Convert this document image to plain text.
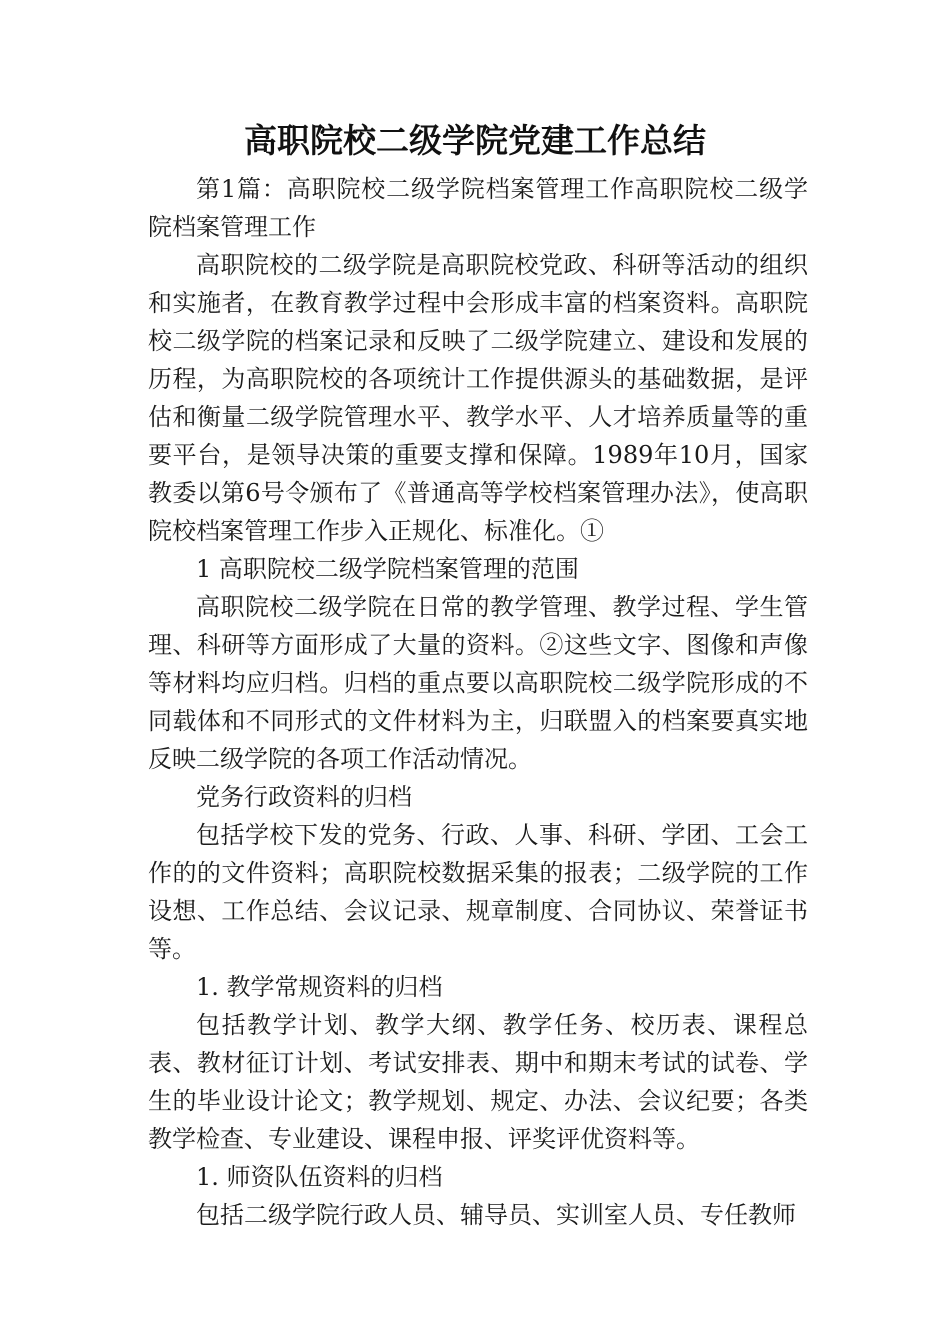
高职院校二级学院党建工作总结

第1篇：高职院校二级学院档案管理工作高职院校二级学院档案管理工作

高职院校的二级学院是高职院校党政、科研等活动的组织和实施者，在教育教学过程中会形成丰富的档案资料。高职院校二级学院的档案记录和反映了二级学院建立、建设和发展的历程，为高职院校的各项统计工作提供源头的基础数据，是评估和衡量二级学院管理水平、教学水平、人才培养质量等的重要平台，是领导决策的重要支撑和保障。1989年10月，国家教委以第6号令颁布了《普通高等学校档案管理办法》，使高职院校档案管理工作步入正规化、标准化。①

1 高职院校二级学院档案管理的范围

高职院校二级学院在日常的教学管理、教学过程、学生管理、科研等方面形成了大量的资料。②这些文字、图像和声像等材料均应归档。归档的重点要以高职院校二级学院形成的不同载体和不同形式的文件材料为主，归联盟入的档案要真实地反映二级学院的各项工作活动情况。

党务行政资料的归档

包括学校下发的党务、行政、人事、科研、学团、工会工作的的文件资料；高职院校数据采集的报表；二级学院的工作设想、工作总结、会议记录、规章制度、合同协议、荣誉证书等。

1. 教学常规资料的归档

包括教学计划、教学大纲、教学任务、校历表、课程总表、教材征订计划、考试安排表、期中和期末考试的试卷、学生的毕业设计论文；教学规划、规定、办法、会议纪要；各类教学检查、专业建设、课程申报、评奖评优资料等。

1. 师资队伍资料的归档

包括二级学院行政人员、辅导员、实训室人员、专任教师
